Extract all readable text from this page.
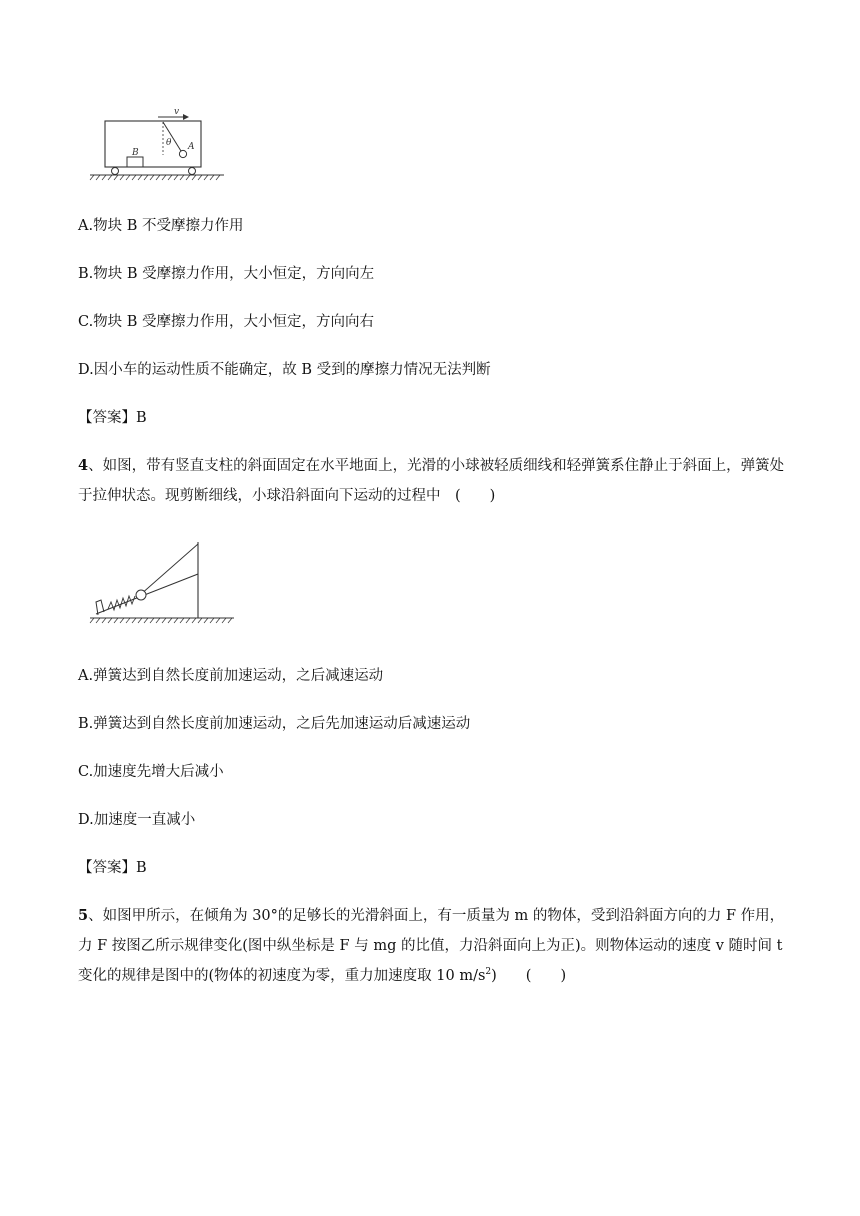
v
θ A
B
A.物块 B 不受摩擦力作用
B.物块 B 受摩擦力作用，大小恒定，方向向左
C.物块 B 受摩擦力作用，大小恒定，方向向右
D.因小车的运动性质不能确定，故 B 受到的摩擦力情况无法判断
【答案】B
4、如图，带有竖直支柱的斜面固定在水平地面上，光滑的小球被轻质细线和轻弹簧系住静止于斜面上，弹簧处于拉伸状态。现剪断细线，小球沿斜面向下运动的过程中　(　　)
A.弹簧达到自然长度前加速运动，之后减速运动
B.弹簧达到自然长度前加速运动，之后先加速运动后减速运动
C.加速度先增大后减小
D.加速度一直减小
【答案】B
5、如图甲所示，在倾角为 30°的足够长的光滑斜面上，有一质量为 m 的物体，受到沿斜面方向的力 F 作用，力 F 按图乙所示规律变化(图中纵坐标是 F 与 mg 的比值，力沿斜面向上为正)。则物体运动的速度 v 随时间 t 变化的规律是图中的(物体的初速度为零，重力加速度取 10 $m/s^2$)　　(　　)
